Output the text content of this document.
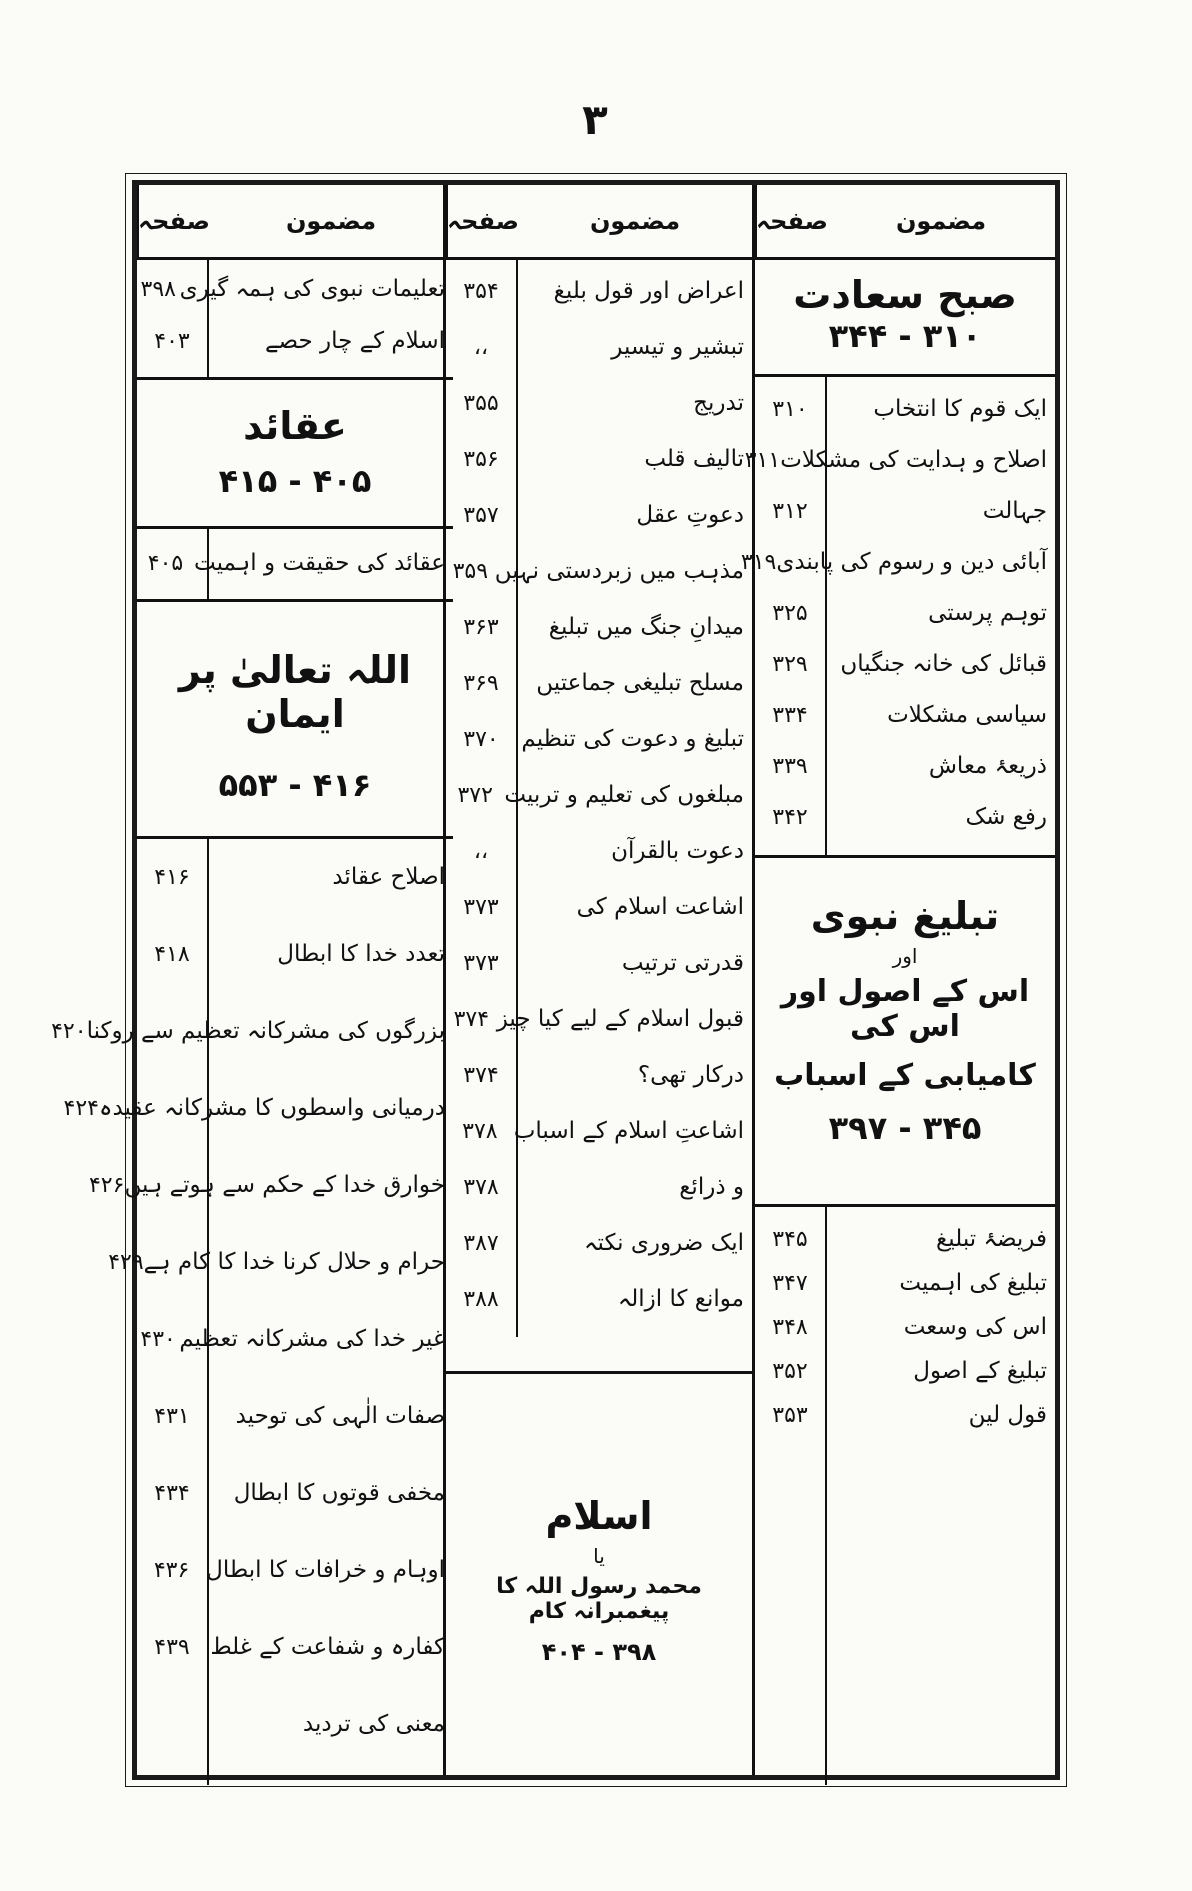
۳
مضمون
صفحہ
صبح سعادت
۳۴۴ - ۳۱۰
ایک قوم کا انتخاب
۳۱۰
اصلاح و ہدایت کی مشکلات
۳۱۱
جہالت
۳۱۲
آبائی دین و رسوم کی پابندی
۳۱۹
توہم پرستی
۳۲۵
قبائل کی خانہ جنگیاں
۳۲۹
سیاسی مشکلات
۳۳۴
ذریعۂ معاش
۳۳۹
رفع شک
۳۴۲
تبلیغ نبوی
اور
اس کے اصول اور اس کی
کامیابی کے اسباب
۳۹۷ - ۳۴۵
فریضۂ تبلیغ
۳۴۵
تبلیغ کی اہمیت
۳۴۷
اس کی وسعت
۳۴۸
تبلیغ کے اصول
۳۵۲
قول لین
۳۵۳
مضمون
صفحہ
اعراض اور قول بلیغ
۳۵۴
تبشیر و تیسیر
،،
تدریج
۳۵۵
تالیف قلب
۳۵۶
دعوتِ عقل
۳۵۷
مذہب میں زبردستی نہیں
۳۵۹
میدانِ جنگ میں تبلیغ
۳۶۳
مسلح تبلیغی جماعتیں
۳۶۹
تبلیغ و دعوت کی تنظیم
۳۷۰
مبلغوں کی تعلیم و تربیت
۳۷۲
دعوت بالقرآن
،،
اشاعت اسلام کی
۳۷۳
قدرتی ترتیب
۳۷۳
قبول اسلام کے لیے کیا چیز
۳۷۴
درکار تھی؟
۳۷۴
اشاعتِ اسلام کے اسباب
۳۷۸
و ذرائع
۳۷۸
ایک ضروری نکتہ
۳۸۷
موانع کا ازالہ
۳۸۸
اسلام
یا
محمد رسول اللہ کا پیغمبرانہ کام
۴۰۴ - ۳۹۸
مضمون
صفحہ
تعلیمات نبوی کی ہمہ گیری
۳۹۸
اسلام کے چار حصے
۴۰۳
عقائد
۴۱۵ - ۴۰۵
عقائد کی حقیقت و اہمیت
۴۰۵
اللہ تعالیٰ پر ایمان
۵۵۳ - ۴۱۶
اصلاح عقائد
۴۱۶
تعدد خدا کا ابطال
۴۱۸
بزرگوں کی مشرکانہ تعظیم سے روکنا
۴۲۰
درمیانی واسطوں کا مشرکانہ عقیدہ
۴۲۴
خوارق خدا کے حکم سے ہوتے ہیں
۴۲۶
حرام و حلال کرنا خدا کا کام ہے
۴۲۹
غیر خدا کی مشرکانہ تعظیم
۴۳۰
صفات الٰہی کی توحید
۴۳۱
مخفی قوتوں کا ابطال
۴۳۴
اوہام و خرافات کا ابطال
۴۳۶
کفارہ و شفاعت کے غلط
۴۳۹
معنی کی تردید
